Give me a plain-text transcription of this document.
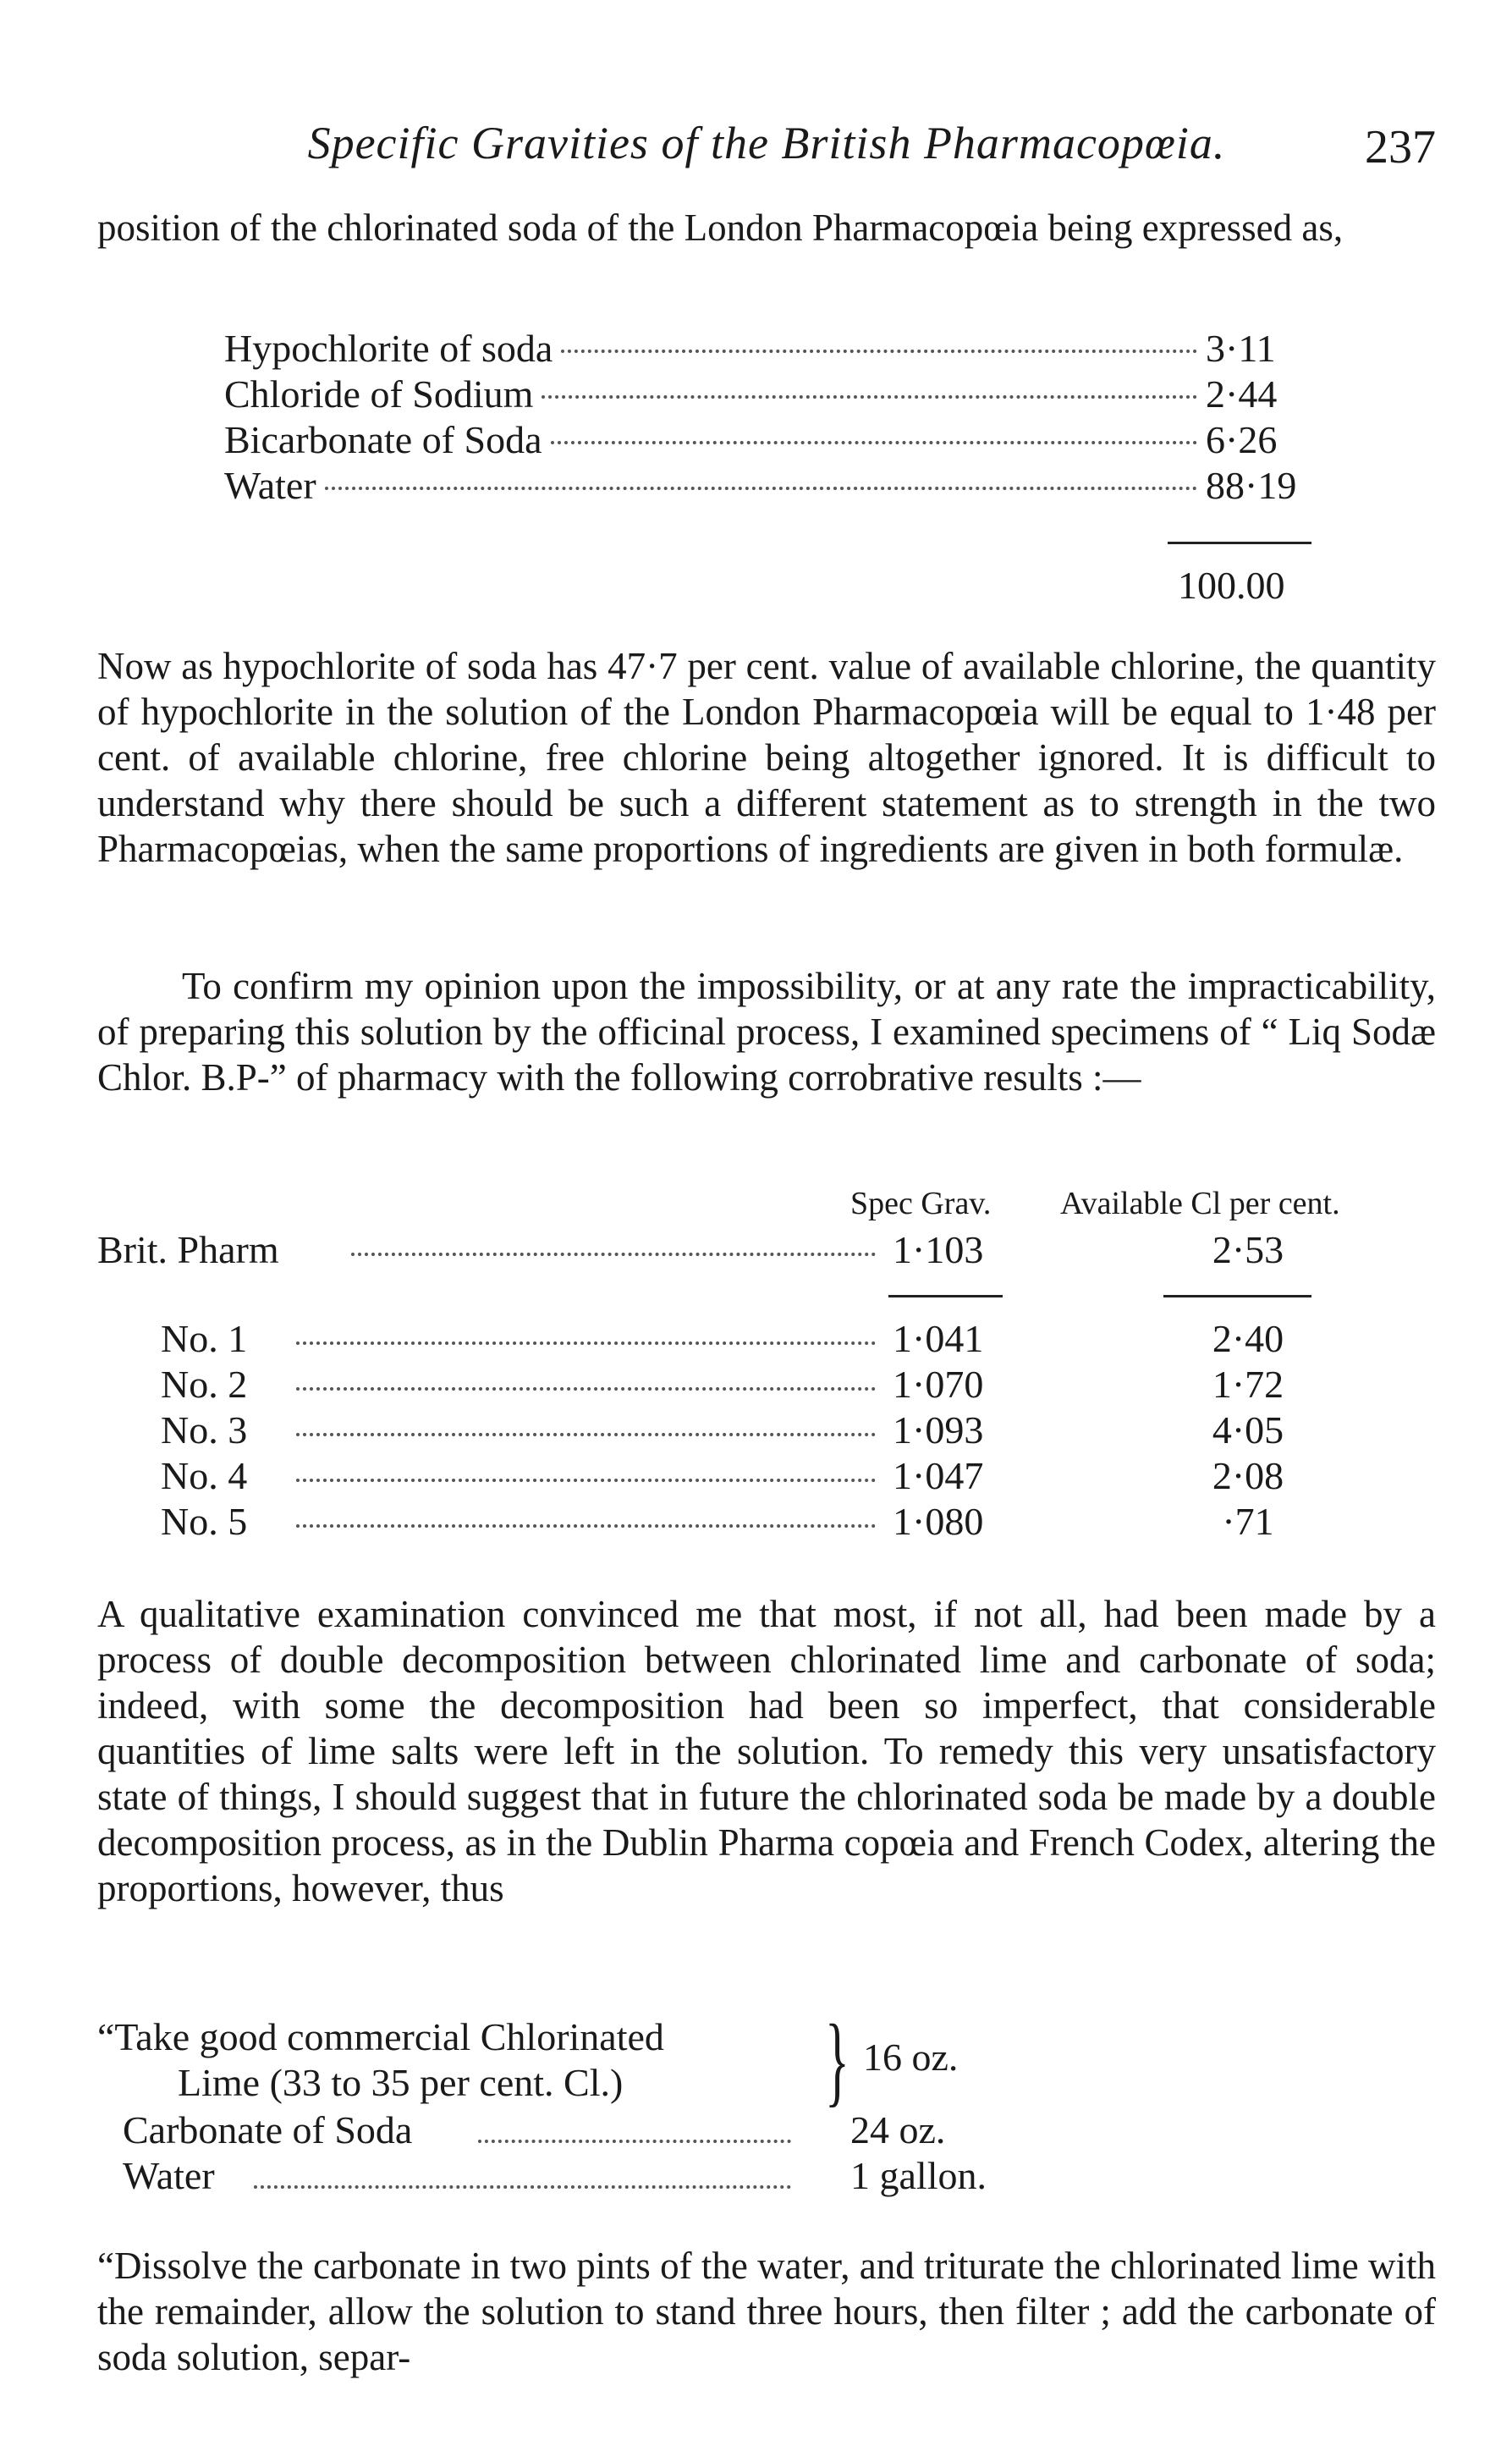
Specific Gravities of the British Pharmacopœia.	237

position of the chlorinated soda of the London Pharmacopœia being expressed as,

Hypochlorite of soda	3·11
Chloride of Sodium	2·44
Bicarbonate of Soda	6·26
Water	88·19
100.00

Now as hypochlorite of soda has 47·7 per cent. value of available chlorine, the quantity of hypochlorite in the solution of the London Pharmacopœia will be equal to 1·48 per cent. of available chlorine, free chlorine being altogether ignored. It is difficult to understand why there should be such a different statement as to strength in the two Pharmacopœias, when the same proportions of ingredients are given in both formulæ.

To confirm my opinion upon the impossibility, or at any rate the impracticability, of preparing this solution by the officinal process, I examined specimens of “ Liq Sodæ Chlor. B.P-” of pharmacy with the following corrobrative results :—

Spec Grav. Available Cl per cent.
Brit. Pharm	1·103	2·53
No. 1	1·041	2·40
No. 2	1·070	1·72
No. 3	1·093	4·05
No. 4	1·047	2·08
No. 5	1·080	·71

A qualitative examination convinced me that most, if not all, had been made by a process of double decomposition between chlorinated lime and carbonate of soda; indeed, with some the decomposition had been so imperfect, that considerable quantities of lime salts were left in the solution. To remedy this very unsatisfactory state of things, I should suggest that in future the chlorinated soda be made by a double decomposition process, as in the Dublin Pharma copœia and French Codex, altering the proportions, however, thus

“Take good commercial Chlorinated
Lime (33 to 35 per cent. Cl.) } 16 oz.
Carbonate of Soda	24 oz.
Water	1 gallon.

“Dissolve the carbonate in two pints of the water, and triturate the chlorinated lime with the remainder, allow the solution to stand three hours, then filter ; add the carbonate of soda solution, separ-
